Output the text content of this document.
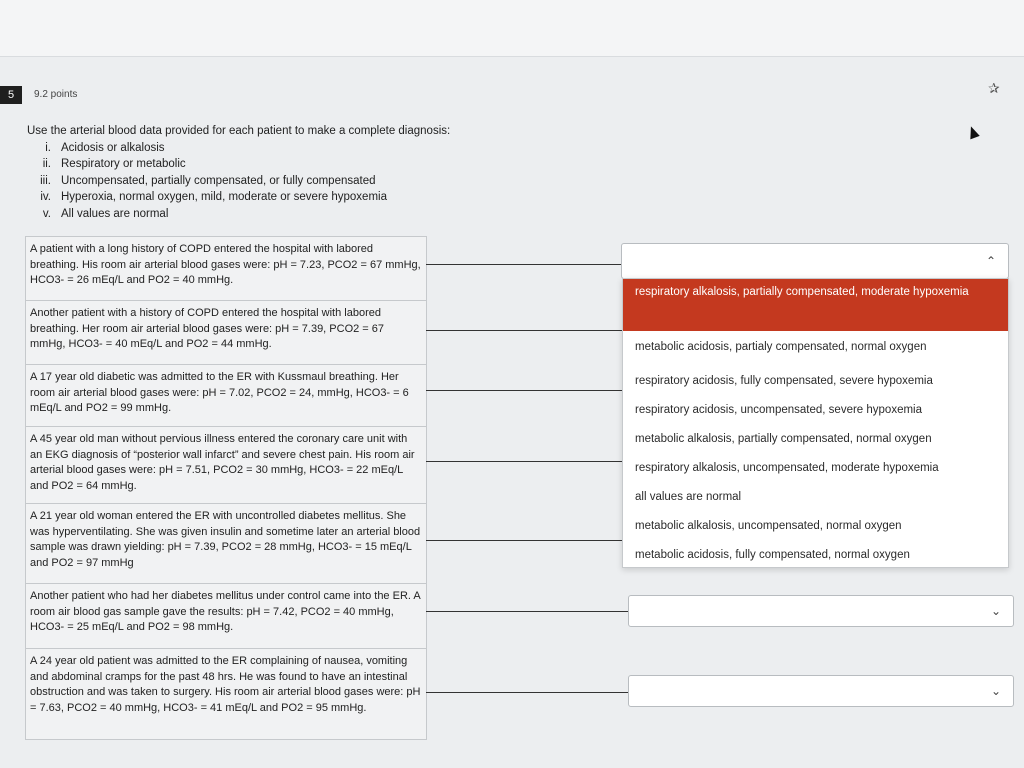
5	9.2 points	✰
Use the arterial blood data provided for each patient to make a complete diagnosis:
i. Acidosis or alkalosis
ii. Respiratory or metabolic
iii. Uncompensated, partially compensated, or fully compensated
iv. Hyperoxia, normal oxygen, mild, moderate or severe hypoxemia
v. All values are normal
A patient with a long history of COPD entered the hospital with labored breathing. His room air arterial blood gases were: pH = 7.23, PCO2 = 67 mmHg, HCO3- = 26 mEq/L and PO2 = 40 mmHg.
Another patient with a history of COPD entered the hospital with labored breathing. Her room air arterial blood gases were: pH = 7.39, PCO2 = 67 mmHg, HCO3- = 40 mEq/L and PO2 = 44 mmHg.
A 17 year old diabetic was admitted to the ER with Kussmaul breathing. Her room air arterial blood gases were: pH = 7.02, PCO2 = 24, mmHg, HCO3- = 6 mEq/L and PO2 = 99 mmHg.
A 45 year old man without pervious illness entered the coronary care unit with an EKG diagnosis of “posterior wall infarct” and severe chest pain. His room air arterial blood gases were: pH = 7.51, PCO2 = 30 mmHg, HCO3- = 22 mEq/L and PO2 = 64 mmHg.
A 21 year old woman entered the ER with uncontrolled diabetes mellitus. She was hyperventilating. She was given insulin and sometime later an arterial blood sample was drawn yielding: pH = 7.39, PCO2 = 28 mmHg, HCO3- = 15 mEq/L and PO2 = 97 mmHg
Another patient who had her diabetes mellitus under control came into the ER. A room air blood gas sample gave the results: pH = 7.42, PCO2 = 40 mmHg, HCO3- = 25 mEq/L and PO2 = 98 mmHg.
A 24 year old patient was admitted to the ER complaining of nausea, vomiting and abdominal cramps for the past 48 hrs. He was found to have an intestinal obstruction and was taken to surgery. His room air arterial blood gases were: pH = 7.63, PCO2 = 40 mmHg, HCO3- = 41 mEq/L and PO2 = 95 mmHg.
⌃
respiratory alkalosis, partially compensated, moderate hypoxemia
metabolic acidosis, partialy compensated, normal oxygen
respiratory acidosis, fully compensated, severe hypoxemia
respiratory acidosis, uncompensated, severe hypoxemia
metabolic alkalosis, partially compensated, normal oxygen
respiratory alkalosis, uncompensated, moderate hypoxemia
all values are normal
metabolic alkalosis, uncompensated, normal oxygen
metabolic acidosis, fully compensated, normal oxygen
⌄
⌄
